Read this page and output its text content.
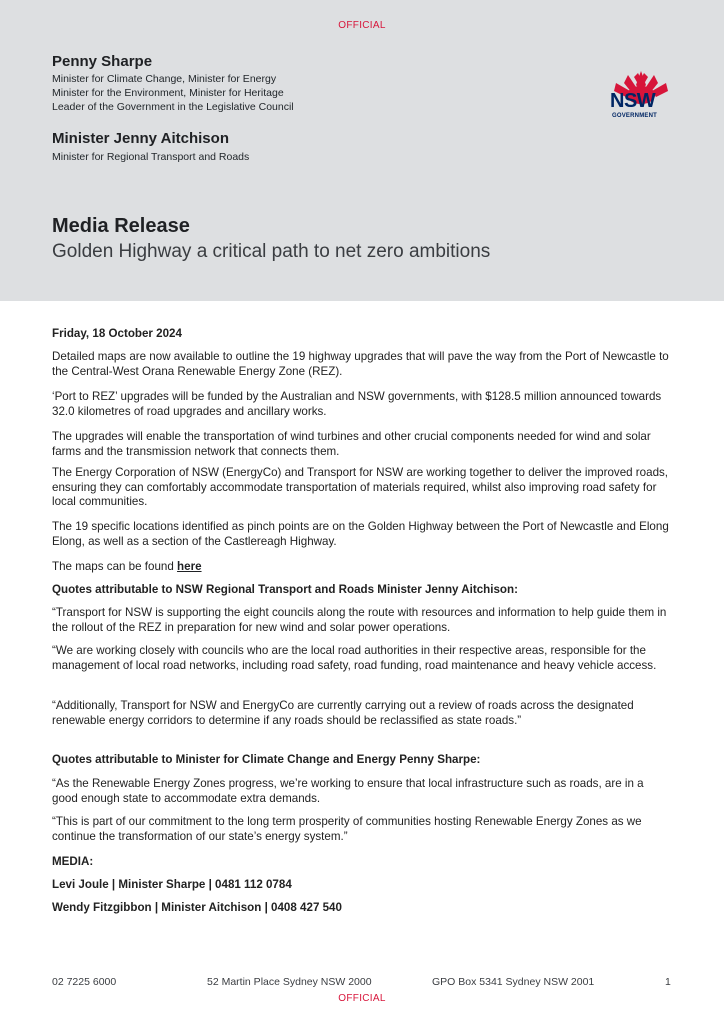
OFFICIAL
Penny Sharpe
Minister for Climate Change, Minister for Energy
Minister for the Environment, Minister for Heritage
Leader of the Government in the Legislative Council
Minister Jenny Aitchison
Minister for Regional Transport and Roads
NSW
GOVERNMENT
Media Release
Golden Highway a critical path to net zero ambitions
Friday, 18 October 2024
Detailed maps are now available to outline the 19 highway upgrades that will pave the way from the Port of Newcastle to the Central-West Orana Renewable Energy Zone (REZ).
‘Port to REZ’ upgrades will be funded by the Australian and NSW governments, with $128.5 million announced towards 32.0 kilometres of road upgrades and ancillary works.
The upgrades will enable the transportation of wind turbines and other crucial components needed for wind and solar farms and the transmission network that connects them.
The Energy Corporation of NSW (EnergyCo) and Transport for NSW are working together to deliver the improved roads, ensuring they can comfortably accommodate transportation of materials required, whilst also improving road safety for local communities.
The 19 specific locations identified as pinch points are on the Golden Highway between the Port of Newcastle and Elong Elong, as well as a section of the Castlereagh Highway.
The maps can be found here
Quotes attributable to NSW Regional Transport and Roads Minister Jenny Aitchison:
“Transport for NSW is supporting the eight councils along the route with resources and information to help guide them in the rollout of the REZ in preparation for new wind and solar power operations.
“We are working closely with councils who are the local road authorities in their respective areas, responsible for the management of local road networks, including road safety, road funding, road maintenance and heavy vehicle access.
“Additionally, Transport for NSW and EnergyCo are currently carrying out a review of roads across the designated renewable energy corridors to determine if any roads should be reclassified as state roads.”
Quotes attributable to Minister for Climate Change and Energy Penny Sharpe:
“As the Renewable Energy Zones progress, we’re working to ensure that local infrastructure such as roads, are in a good enough state to accommodate extra demands.
“This is part of our commitment to the long term prosperity of communities hosting Renewable Energy Zones as we continue the transformation of our state’s energy system.”
MEDIA:
Levi Joule | Minister Sharpe | 0481 112 0784
Wendy Fitzgibbon | Minister Aitchison | 0408 427 540
02 7225 6000	52 Martin Place Sydney NSW 2000	GPO Box 5341 Sydney NSW 2001	1
OFFICIAL
